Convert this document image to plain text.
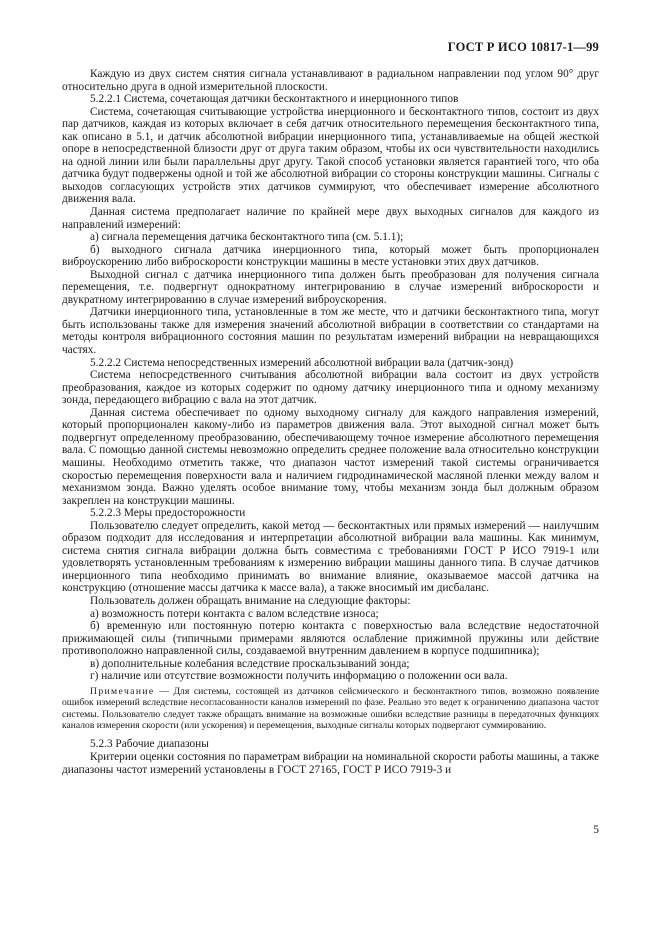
ГОСТ Р ИСО 10817-1—99

Каждую из двух систем снятия сигнала устанавливают в радиальном направлении под углом 90° друг относительно друга в одной измерительной плоскости.

5.2.2.1 Система, сочетающая датчики бесконтактного и инерционного типов

Система, сочетающая считывающие устройства инерционного и бесконтактного типов, состоит из двух пар датчиков, каждая из которых включает в себя датчик относительного перемещения бесконтактного типа, как описано в 5.1, и датчик абсолютной вибрации инерционного типа, устанавливаемые на общей жесткой опоре в непосредственной близости друг от друга таким образом, чтобы их оси чувствительности находились на одной линии или были параллельны друг другу. Такой способ установки является гарантией того, что оба датчика будут подвержены одной и той же абсолютной вибрации со стороны конструкции машины. Сигналы с выходов согласующих устройств этих датчиков суммируют, что обеспечивает измерение абсолютного движения вала.

Данная система предполагает наличие по крайней мере двух выходных сигналов для каждого из направлений измерений:

а) сигнала перемещения датчика бесконтактного типа (см. 5.1.1);

б) выходного сигнала датчика инерционного типа, который может быть пропорционален виброускорению либо виброскорости конструкции машины в месте установки этих двух датчиков.

Выходной сигнал с датчика инерционного типа должен быть преобразован для получения сигнала перемещения, т.е. подвергнут однократному интегрированию в случае измерений виброскорости и двукратному интегрированию в случае измерений виброускорения.

Датчики инерционного типа, установленные в том же месте, что и датчики бесконтактного типа, могут быть использованы также для измерения значений абсолютной вибрации в соответствии со стандартами на методы контроля вибрационного состояния машин по результатам измерений вибрации на невращающихся частях.

5.2.2.2 Система непосредственных измерений абсолютной вибрации вала (датчик-зонд)

Система непосредственного считывания абсолютной вибрации вала состоит из двух устройств преобразования, каждое из которых содержит по одному датчику инерционного типа и одному механизму зонда, передающего вибрацию с вала на этот датчик.

Данная система обеспечивает по одному выходному сигналу для каждого направления измерений, который пропорционален какому-либо из параметров движения вала. Этот выходной сигнал может быть подвергнут определенному преобразованию, обеспечивающему точное измерение абсолютного перемещения вала. С помощью данной системы невозможно определить среднее положение вала относительно конструкции машины. Необходимо отметить также, что диапазон частот измерений такой системы ограничивается скоростью перемещения поверхности вала и наличием гидродинамической масляной пленки между валом и механизмом зонда. Важно уделять особое внимание тому, чтобы механизм зонда был должным образом закреплен на конструкции машины.

5.2.2.3 Меры предосторожности

Пользователю следует определить, какой метод — бесконтактных или прямых измерений — наилучшим образом подходит для исследования и интерпретации абсолютной вибрации вала машины. Как минимум, система снятия сигнала вибрации должна быть совместима с требованиями ГОСТ Р ИСО 7919-1 или удовлетворять установленным требованиям к измерению вибрации машины данного типа. В случае датчиков инерционного типа необходимо принимать во внимание влияние, оказываемое массой датчика на конструкцию (отношение массы датчика к массе вала), а также вносимый им дисбаланс.

Пользователь должен обращать внимание на следующие факторы:

а) возможность потери контакта с валом вследствие износа;

б) временную или постоянную потерю контакта с поверхностью вала вследствие недостаточной прижимающей силы (типичными примерами являются ослабление прижимной пружины или действие противоположно направленной силы, создаваемой внутренним давлением в корпусе подшипника);

в) дополнительные колебания вследствие проскальзываний зонда;

г) наличие или отсутствие возможности получить информацию о положении оси вала.

Примечание — Для системы, состоящей из датчиков сейсмического и бесконтактного типов, возможно появление ошибок измерений вследствие несогласованности каналов измерений по фазе. Реально это ведет к ограничению диапазона частот системы. Пользователю следует также обращать внимание на возможные ошибки вследствие разницы в передаточных функциях каналов измерения скорости (или ускорения) и перемещения, выходные сигналы которых подвергают суммированию.

5.2.3 Рабочие диапазоны

Критерии оценки состояния по параметрам вибрации на номинальной скорости работы машины, а также диапазоны частот измерений установлены в ГОСТ 27165, ГОСТ Р ИСО 7919-3 и

5
